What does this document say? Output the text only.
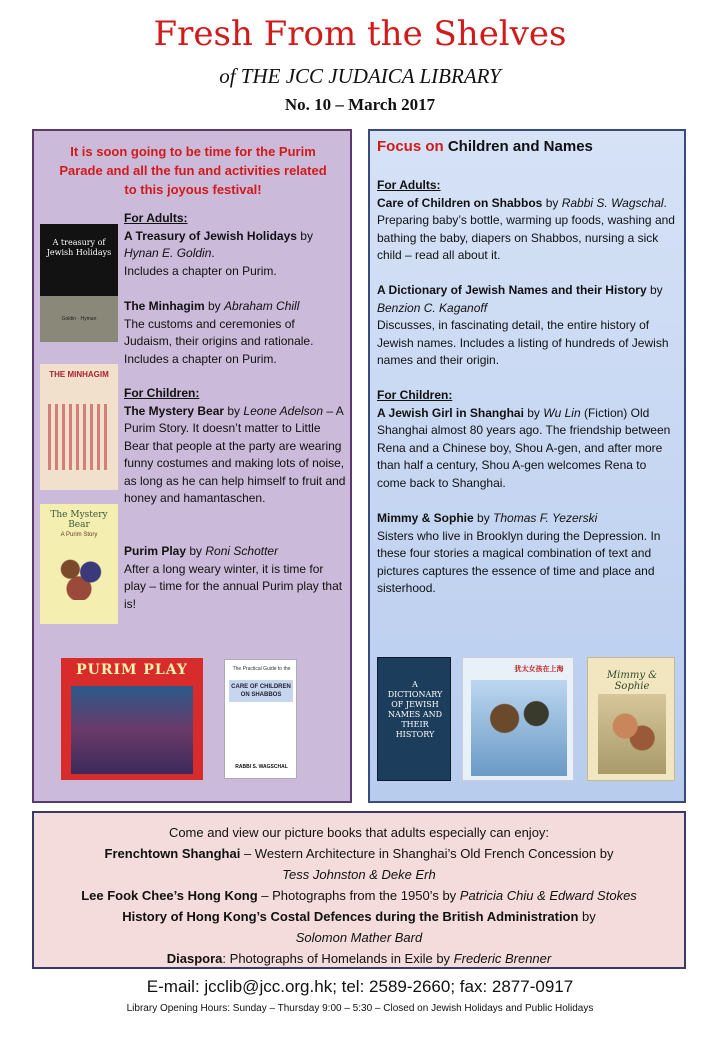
Fresh From the Shelves
of THE JCC JUDAICA LIBRARY
No. 10 – March 2017
It is soon going to be time for the Purim Parade and all the fun and activities related to this joyous festival!
A treasury of Jewish Holidays
Goldin · Hyman
THE MINHAGIM
The Mystery Bear
A Purim Story
For Adults:
A Treasury of Jewish Holidays by Hynan E. Goldin.
Includes a chapter on Purim.
The Minhagim by Abraham Chill
The customs and ceremonies of Judaism, their origins and rationale. Includes a chapter on Purim.
For Children:
The Mystery Bear by Leone Adelson – A Purim Story. It doesn’t matter to Little Bear that people at the party are wearing funny costumes and making lots of noise, as long as he can help himself to fruit and honey and hamantaschen.
Purim Play by Roni Schotter
After a long weary winter, it is time for play – time for the annual Purim play that is!
PURIM PLAY	The Practical Guide to the
CARE OF CHILDREN ON SHABBOS
RABBI S. WAGSCHAL
Focus on Children and Names
For Adults:
Care of Children on Shabbos by Rabbi S. Wagschal. Preparing baby’s bottle, warming up foods, washing and bathing the baby, diapers on Shabbos, nursing a sick child – read all about it.
A Dictionary of Jewish Names and their History by Benzion C. Kaganoff
Discusses, in fascinating detail, the entire history of Jewish names. Includes a listing of hundreds of Jewish names and their origin.
For Children:
A Jewish Girl in Shanghai by Wu Lin (Fiction) Old Shanghai almost 80 years ago. The friendship between Rena and a Chinese boy, Shou A-gen, and after more than half a century, Shou A-gen welcomes Rena to come back to Shanghai.
Mimmy & Sophie by Thomas F. Yezerski
Sisters who live in Brooklyn during the Depression. In these four stories a magical combination of text and pictures captures the essence of time and place and sisterhood.
A DICTIONARY OF JEWISH NAMES AND THEIR HISTORY
犹太女孩在上海
Mimmy & Sophie
Come and view our picture books that adults especially can enjoy:
Frenchtown Shanghai – Western Architecture in Shanghai’s Old French Concession by
Tess Johnston & Deke Erh
Lee Fook Chee’s Hong Kong – Photographs from the 1950’s by Patricia Chiu & Edward Stokes
History of Hong Kong’s Costal Defences during the British Administration by
Solomon Mather Bard
Diaspora: Photographs of Homelands in Exile by Frederic Brenner
E-mail: jcclib@jcc.org.hk; tel: 2589-2660; fax: 2877-0917
Library Opening Hours: Sunday – Thursday 9:00 – 5:30 – Closed on Jewish Holidays and Public Holidays
